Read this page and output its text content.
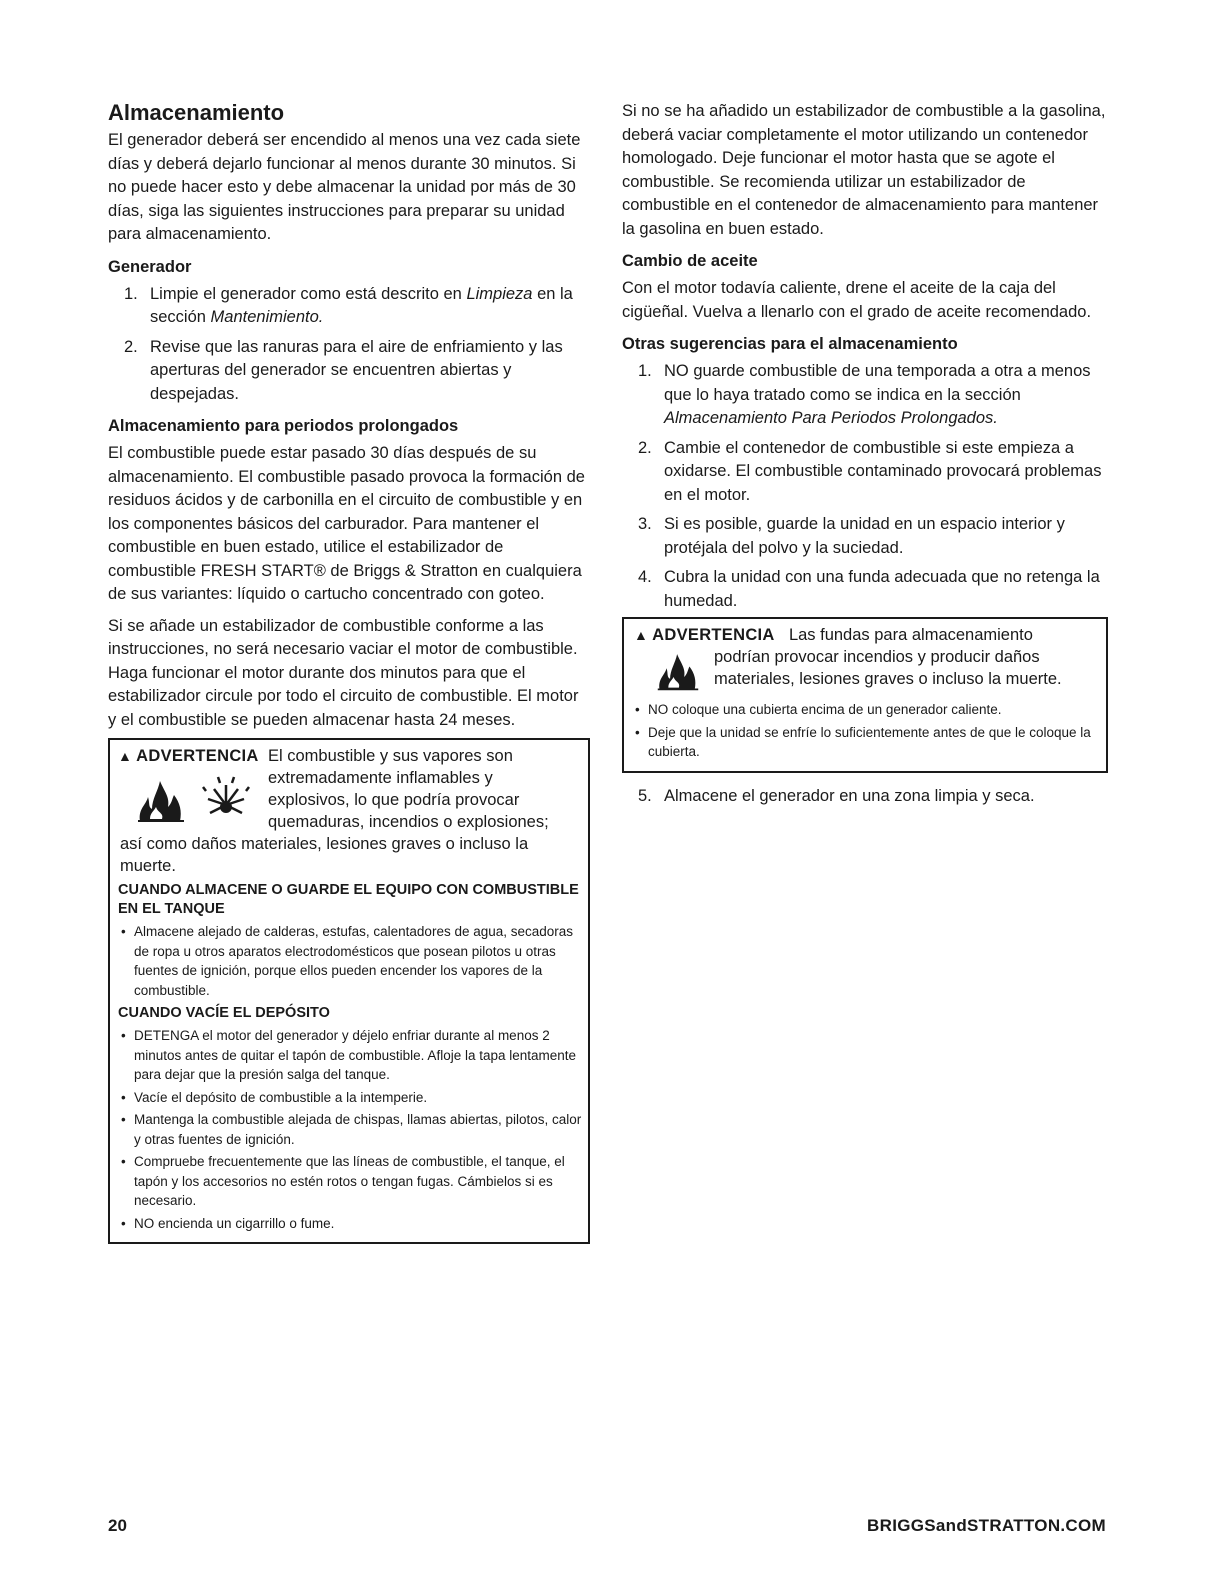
Almacenamiento

El generador deberá ser encendido al menos una vez cada siete días y deberá dejarlo funcionar al menos durante 30 minutos. Si no puede hacer esto y debe almacenar la unidad por más de 30 días, siga las siguientes instrucciones para preparar su unidad para almacenamiento.

Generador
1. Limpie el generador como está descrito en Limpieza en la sección Mantenimiento.
2. Revise que las ranuras para el aire de enfriamiento y las aperturas del generador se encuentren abiertas y despejadas.
Almacenamiento para periodos prolongados

El combustible puede estar pasado 30 días después de su almacenamiento. El combustible pasado provoca la formación de residuos ácidos y de carbonilla en el circuito de combustible y en los componentes básicos del carburador. Para mantener el combustible en buen estado, utilice el estabilizador de combustible FRESH START® de Briggs & Stratton en cualquiera de sus variantes: líquido o cartucho concentrado con goteo.

Si se añade un estabilizador de combustible conforme a las instrucciones, no será necesario vaciar el motor de combustible. Haga funcionar el motor durante dos minutos para que el estabilizador circule por todo el circuito de combustible. El motor y el combustible se pueden almacenar hasta 24 meses.

▲ ADVERTENCIA El combustible y sus vapores son extremadamente inflamables y explosivos, lo que podría provocar quemaduras, incendios o explosiones;
así como daños materiales, lesiones graves o incluso la muerte.
CUANDO ALMACENE O GUARDE EL EQUIPO CON COMBUSTIBLE EN EL TANQUE
• Almacene alejado de calderas, estufas, calentadores de agua, secadoras de ropa u otros aparatos electrodomésticos que posean pilotos u otras fuentes de ignición, porque ellos pueden encender los vapores de la combustible.
CUANDO VACÍE EL DEPÓSITO
• DETENGA el motor del generador y déjelo enfriar durante al menos 2 minutos antes de quitar el tapón de combustible. Afloje la tapa lentamente para dejar que la presión salga del tanque.
• Vacíe el depósito de combustible a la intemperie.
• Mantenga la combustible alejada de chispas, llamas abiertas, pilotos, calor y otras fuentes de ignición.
• Compruebe frecuentemente que las líneas de combustible, el tanque, el tapón y los accesorios no estén rotos o tengan fugas. Cámbielos si es necesario.
• NO encienda un cigarrillo o fume.

Si no se ha añadido un estabilizador de combustible a la gasolina, deberá vaciar completamente el motor utilizando un contenedor homologado. Deje funcionar el motor hasta que se agote el combustible. Se recomienda utilizar un estabilizador de combustible en el contenedor de almacenamiento para mantener la gasolina en buen estado.

Cambio de aceite

Con el motor todavía caliente, drene el aceite de la caja del cigüeñal. Vuelva a llenarlo con el grado de aceite recomendado.

Otras sugerencias para el almacenamiento
1. NO guarde combustible de una temporada a otra a menos que lo haya tratado como se indica en la sección Almacenamiento Para Periodos Prolongados.
2. Cambie el contenedor de combustible si este empieza a oxidarse. El combustible contaminado provocará problemas en el motor.
3. Si es posible, guarde la unidad en un espacio interior y protéjala del polvo y la suciedad.
4. Cubra la unidad con una funda adecuada que no retenga la humedad.
▲ ADVERTENCIA Las fundas para almacenamiento
podrían provocar incendios y producir daños materiales, lesiones graves o incluso la muerte.
• NO coloque una cubierta encima de un generador caliente.
• Deje que la unidad se enfríe lo suficientemente antes de que le coloque la cubierta.
5. Almacene el generador en una zona limpia y seca.
20	BRIGGSandSTRATTON.COM
